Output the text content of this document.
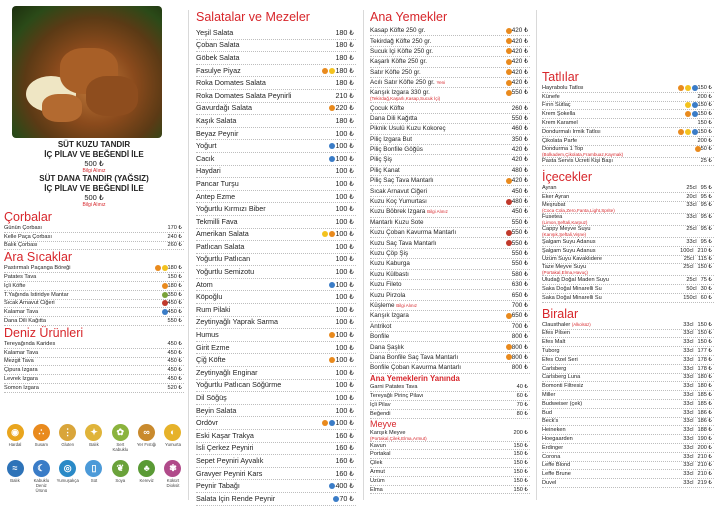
SÜT KUZU TANDIR
İÇ PİLAV VE BEĞENDİ İLE
500 ₺
Bilgi Alınız
SÜT DANA TANDIR (YAĞSIZ)
İÇ PİLAV VE BEĞENDİ İLE
500 ₺
Bilgi Alınız
Çorbalar
Günün Çorbası	170 ₺
Kelle Paça Çorbası	240 ₺
Balık Çorbası	260 ₺
Ara Sıcaklar
Pastırmalı Paçanga Böreği	180 ₺
Patates Tava	150 ₺
İçli Köfte	180 ₺
T.Yağında İstiridye Mantar	350 ₺
Sıcak Arnavut Ciğeri	450 ₺
Kalamar Tava	450 ₺
Dana Dili Kağıtta	550 ₺
Deniz Ürünleri
Tereyağında Karides	450 ₺
Kalamar Tava	450 ₺
Mezgit Tava	450 ₺
Çipura Izgara	450 ₺
Levrek Izgara	450 ₺
Somon Izgara	520 ₺
◉
Hardal
∴
Susam
⋮
Gluten
✦
Balık
✿
Sert Kabuklu
∞
Yer Fıstığı
◐
Yumurta
≈
Balık
☾
Kabuklu Deniz Ürünü
◎
Yumuşakça
▯
Süt
❦
Soya
♣
Kereviz
✾
Kükürt Dioksit
Salatalar ve Mezeler
Yeşil Salata	180 ₺
Çoban Salata	180 ₺
Göbek Salata	180 ₺
Fasulye Piyaz	180 ₺
Roka Domates Salata	180 ₺
Roka Domates Salata Peynirli	210 ₺
Gavurdağı Salata	220 ₺
Kaşık Salata	180 ₺
Beyaz Peynir	100 ₺
Yoğurt	100 ₺
Cacık	100 ₺
Haydari	100 ₺
Pancar Turşu	100 ₺
Antep Ezme	100 ₺
Yoğurtlu Kırmızı Biber	100 ₺
Tekmilli Fava	100 ₺
Amerikan Salata	100 ₺
Patlıcan Salata	100 ₺
Yoğurtlu Patlıcan	100 ₺
Yoğurtlu Semizotu	100 ₺
Atom	100 ₺
Köpoğlu	100 ₺
Rum Pilaki	100 ₺
Zeytinyağlı Yaprak Sarma	100 ₺
Humus	100 ₺
Girit Ezme	100 ₺
Çiğ Köfte	100 ₺
Zeytinyağlı Enginar	100 ₺
Yoğurtlu Patlıcan Söğürme	100 ₺
Dil Söğüş	100 ₺
Beyin Salata	100 ₺
Ordövr	100 ₺
Eski Kaşar Trakya	160 ₺
İsli Çerkez Peyniri	160 ₺
Sepet Peyniri Ayvalık	160 ₺
Gravyer Peyniri Kars	160 ₺
Peynir Tabağı	400 ₺
Salata İçin Rende Peynir	70 ₺
Ana Yemekler
Kasap Köfte 250 gr.	420 ₺
Tekirdağ Köfte 250 gr.	420 ₺
Sucuk İçi Köfte 250 gr.	420 ₺
Kaşarlı Köfte 250 gr.	420 ₺
Satır Köfte 250 gr.	420 ₺
Acılı Satır Köfte 250 gr. Yeni	420 ₺
Karışık Izgara 330 gr.	550 ₺
(Tekirdağ,Kaşarlı,Kasap,Sucuk İçi)
Çocuk Köfte	260 ₺
Dana Dili Kağıtta	550 ₺
Piknik Usulü Kuzu Kokoreç	460 ₺
Piliç Izgara But	350 ₺
Piliç Bonfile Göğüs	420 ₺
Piliç Şiş	420 ₺
Piliç Kanat	480 ₺
Piliç Saç Tava Mantarlı	420 ₺
Sıcak Arnavut Ciğeri	450 ₺
Kuzu Koç Yumurtası	480 ₺
Kuzu Böbrek Izgara Bilgi Alınız	450 ₺
Mantarlı Kuzu Sote	550 ₺
Kuzu Çoban Kavurma Mantarlı	550 ₺
Kuzu Saç Tava Mantarlı	550 ₺
Kuzu Çöp Şiş	550 ₺
Kuzu Kaburga	550 ₺
Kuzu Külbastı	580 ₺
Kuzu Fileto	630 ₺
Kuzu Pirzola	650 ₺
Küşleme Bilgi Alınız	700 ₺
Karışık Izgara	650 ₺
Antrikot	700 ₺
Bonfile	800 ₺
Dana Şaşlık	800 ₺
Dana Bonfile Saç Tava Mantarlı	800 ₺
Bonfile Çoban Kavurma Mantarlı	800 ₺
Ana Yemeklerin Yanında
Garni Patates Tava	40 ₺
Tereyağlı Pirinç Pilavı	60 ₺
İçli Pilav	70 ₺
Beğendi	80 ₺
Meyve
Karışık Meyve	200 ₺
(Portakal,Çilek,Elma,Armut)
Kavun	150 ₺
Portakal	150 ₺
Çilek	150 ₺
Armut	150 ₺
Üzüm	150 ₺
Elma	150 ₺
Tatlılar
Hayrabolu Tatlısı	150 ₺
Künefe	200 ₺
Fırın Sütlaç	150 ₺
Krem Şokella	150 ₺
Krem Karamel	150 ₺
Dondurmalı İrmik Tatlısı	150 ₺
Çikolata Parfe	200 ₺
Dondurma 1 Top	50 ₺
(Bolkadem,Çikolata,Frambuaz,Kaymak)
Pasta Servis Ücreti Kişi Başı	25 ₺
İçecekler
Ayran	25cl 95 ₺
Eker Ayran	20cl 95 ₺
Meşrubat	33cl 95 ₺
(Coca Cola,Zero,Fanta,Light,Sprite)
Fusetea	33cl 95 ₺
(Limon,Şeftali,Karpuz)
Cappy Meyve Suyu	25cl 95 ₺
(Karışık,Şeftali,Vişne)
Şalgam Suyu Adanus	33cl 95 ₺
Şalgam Suyu Adanus	100cl 210 ₺
Üzüm Suyu Kavaklıdere	25cl 115 ₺
Taze Meyve Suyu	25cl 150 ₺
(Portakal,Elma,Havuç)
Uludağ Doğal Maden Suyu	25cl 75 ₺
Saka Doğal Minarelli Su	50cl 30 ₺
Saka Doğal Minarelli Su	150cl 60 ₺
Biralar
Clausthaler (Alkolsüz)	33cl 150 ₺
Efes Pilsen	33cl 150 ₺
Efes Malt	33cl 150 ₺
Tuborg	33cl 177 ₺
Efes Özel Seri	33cl 178 ₺
Carlsberg	33cl 178 ₺
Carlsberg Luna	33cl 180 ₺
Bomonti Filtresiz	33cl 180 ₺
Miller	33cl 185 ₺
Budweiser (çek)	33cl 185 ₺
Bud	33cl 186 ₺
Beck's	33cl 186 ₺
Heineken	33cl 188 ₺
Hoegaarden	33cl 190 ₺
Erdinger	33cl 200 ₺
Corona	33cl 210 ₺
Leffe Blond	33cl 210 ₺
Leffe Brune	33cl 210 ₺
Duvel	33cl 219 ₺
